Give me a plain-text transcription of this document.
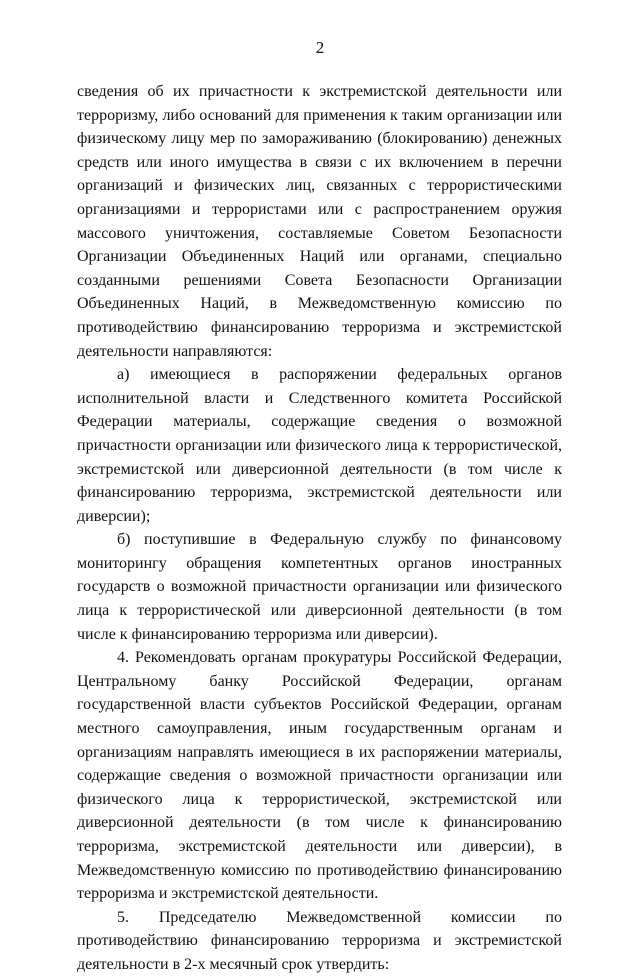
2

сведения об их причастности к экстремистской деятельности или терроризму, либо оснований для применения к таким организации или физическому лицу мер по замораживанию (блокированию) денежных средств или иного имущества в связи с их включением в перечни организаций и физических лиц, связанных с террористическими организациями и террористами или с распространением оружия массового уничтожения, составляемые Советом Безопасности Организации Объединенных Наций или органами, специально созданными решениями Совета Безопасности Организации Объединенных Наций, в Межведомственную комиссию по противодействию финансированию терроризма и экстремистской деятельности направляются:

а) имеющиеся в распоряжении федеральных органов исполнительной власти и Следственного комитета Российской Федерации материалы, содержащие сведения о возможной причастности организации или физического лица к террористической, экстремистской или диверсионной деятельности (в том числе к финансированию терроризма, экстремистской деятельности или диверсии);

б) поступившие в Федеральную службу по финансовому мониторингу обращения компетентных органов иностранных государств о возможной причастности организации или физического лица к террористической или диверсионной деятельности (в том числе к финансированию терроризма или диверсии).

4. Рекомендовать органам прокуратуры Российской Федерации, Центральному банку Российской Федерации, органам государственной власти субъектов Российской Федерации, органам местного самоуправления, иным государственным органам и организациям направлять имеющиеся в их распоряжении материалы, содержащие сведения о возможной причастности организации или физического лица к террористической, экстремистской или диверсионной деятельности (в том числе к финансированию терроризма, экстремистской деятельности или диверсии), в Межведомственную комиссию по противодействию финансированию терроризма и экстремистской деятельности.

5. Председателю Межведомственной комиссии по противодействию финансированию терроризма и экстремистской деятельности в 2-х месячный срок утвердить:
